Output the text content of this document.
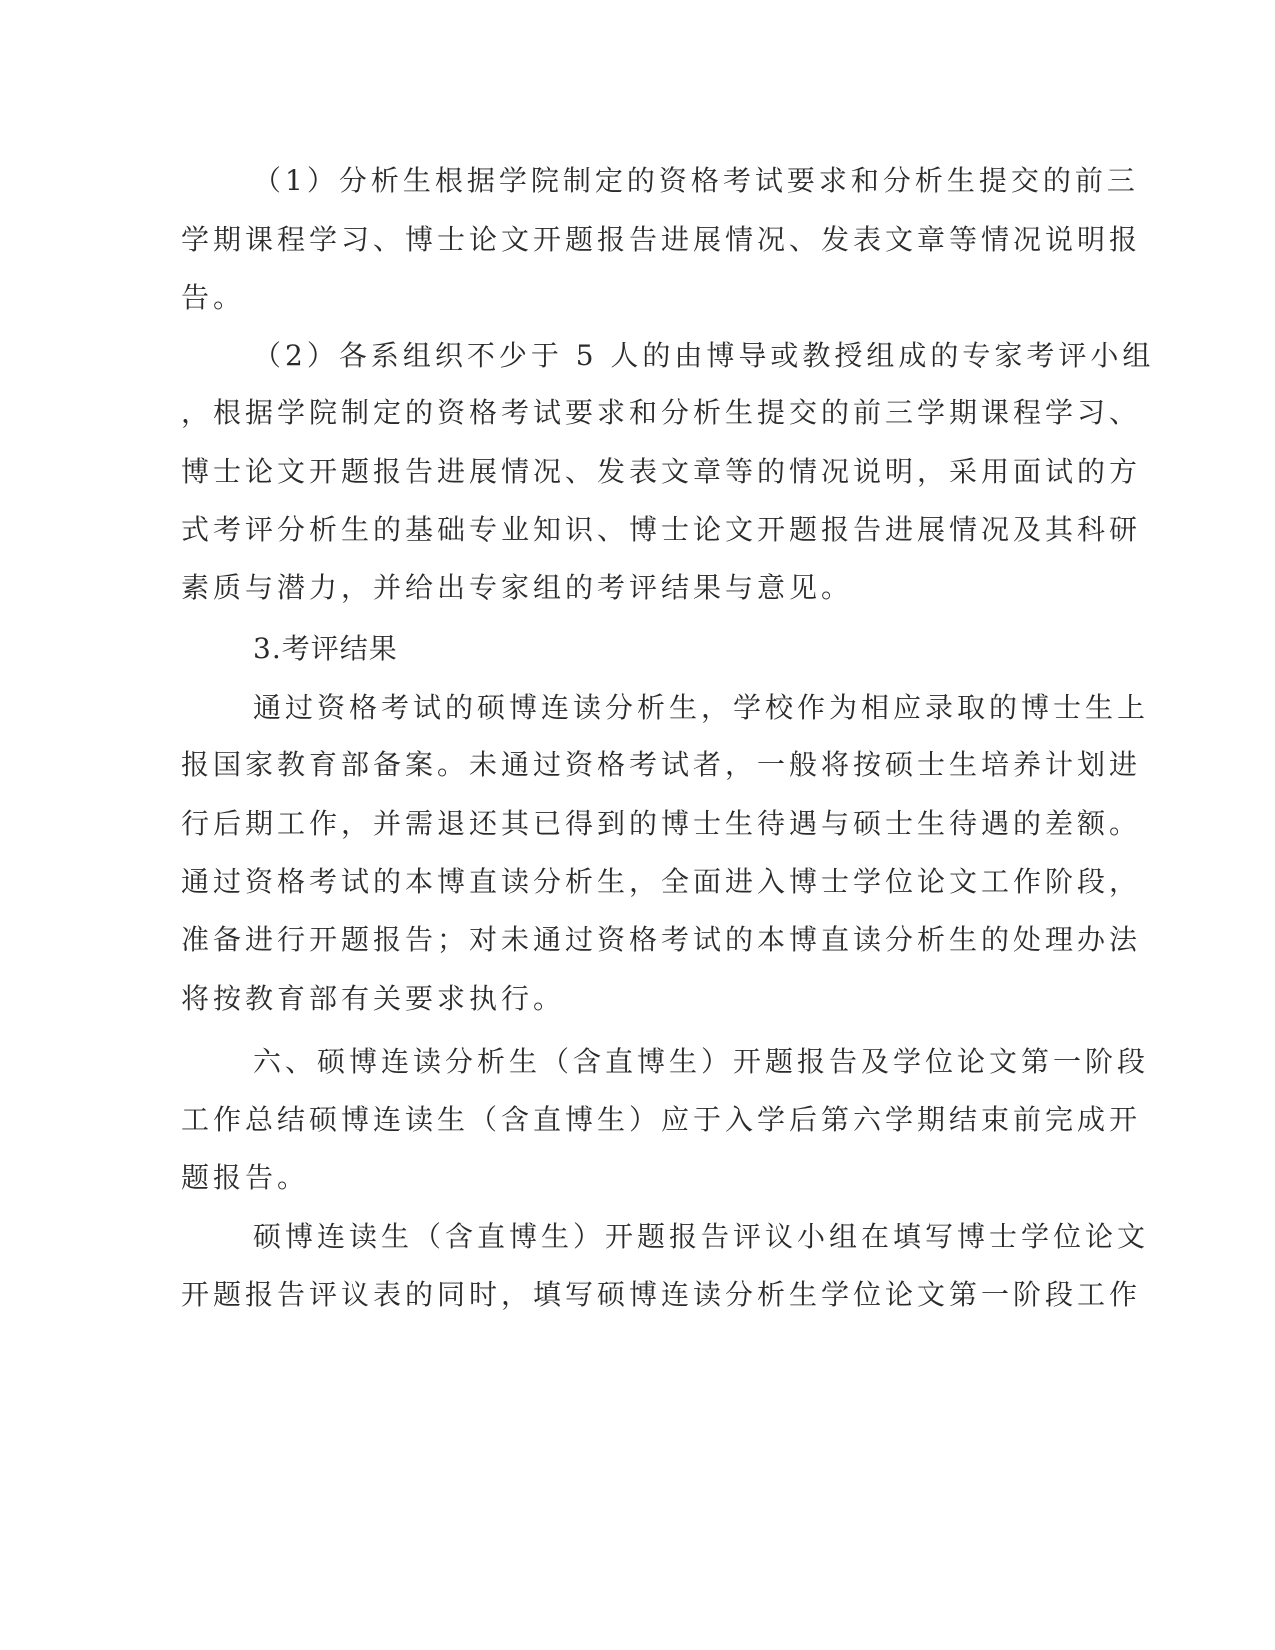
（1）分析生根据学院制定的资格考试要求和分析生提交的前三

学期课程学习、博士论文开题报告进展情况、发表文章等情况说明报

告。

（2）各系组织不少于 5 人的由博导或教授组成的专家考评小组

，根据学院制定的资格考试要求和分析生提交的前三学期课程学习、

博士论文开题报告进展情况、发表文章等的情况说明，采用面试的方

式考评分析生的基础专业知识、博士论文开题报告进展情况及其科研

素质与潜力，并给出专家组的考评结果与意见。

3.考评结果

通过资格考试的硕博连读分析生，学校作为相应录取的博士生上

报国家教育部备案。未通过资格考试者，一般将按硕士生培养计划进

行后期工作，并需退还其已得到的博士生待遇与硕士生待遇的差额。

通过资格考试的本博直读分析生，全面进入博士学位论文工作阶段，

准备进行开题报告；对未通过资格考试的本博直读分析生的处理办法

将按教育部有关要求执行。

六、硕博连读分析生（含直博生）开题报告及学位论文第一阶段

工作总结硕博连读生（含直博生）应于入学后第六学期结束前完成开

题报告。

硕博连读生（含直博生）开题报告评议小组在填写博士学位论文

开题报告评议表的同时，填写硕博连读分析生学位论文第一阶段工作
